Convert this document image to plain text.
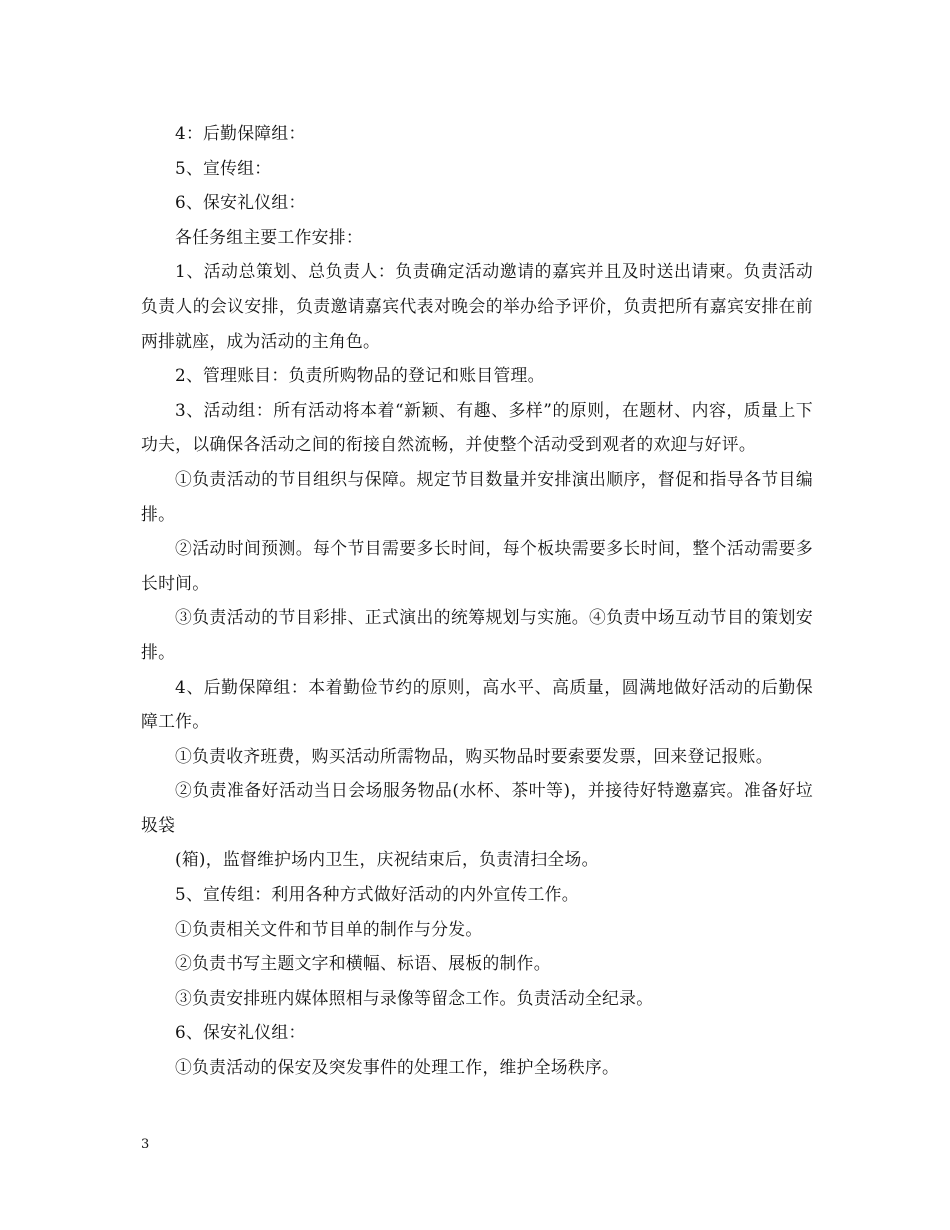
4：后勤保障组：

5、宣传组：

6、保安礼仪组：

各任务组主要工作安排：

1、活动总策划、总负责人：负责确定活动邀请的嘉宾并且及时送出请柬。负责活动负责人的会议安排，负责邀请嘉宾代表对晚会的举办给予评价，负责把所有嘉宾安排在前两排就座，成为活动的主角色。

2、管理账目：负责所购物品的登记和账目管理。

3、活动组：所有活动将本着“新颖、有趣、多样”的原则，在题材、内容，质量上下功夫，以确保各活动之间的衔接自然流畅，并使整个活动受到观者的欢迎与好评。

①负责活动的节目组织与保障。规定节目数量并安排演出顺序，督促和指导各节目编排。

②活动时间预测。每个节目需要多长时间，每个板块需要多长时间，整个活动需要多长时间。

③负责活动的节目彩排、正式演出的统筹规划与实施。④负责中场互动节目的策划安排。

4、后勤保障组：本着勤俭节约的原则，高水平、高质量，圆满地做好活动的后勤保障工作。

①负责收齐班费，购买活动所需物品，购买物品时要索要发票，回来登记报账。

②负责准备好活动当日会场服务物品(水杯、茶叶等)，并接待好特邀嘉宾。准备好垃圾袋

(箱)，监督维护场内卫生，庆祝结束后，负责清扫全场。

5、宣传组：利用各种方式做好活动的内外宣传工作。

①负责相关文件和节目单的制作与分发。

②负责书写主题文字和横幅、标语、展板的制作。

③负责安排班内媒体照相与录像等留念工作。负责活动全纪录。

6、保安礼仪组：

①负责活动的保安及突发事件的处理工作，维护全场秩序。

3
